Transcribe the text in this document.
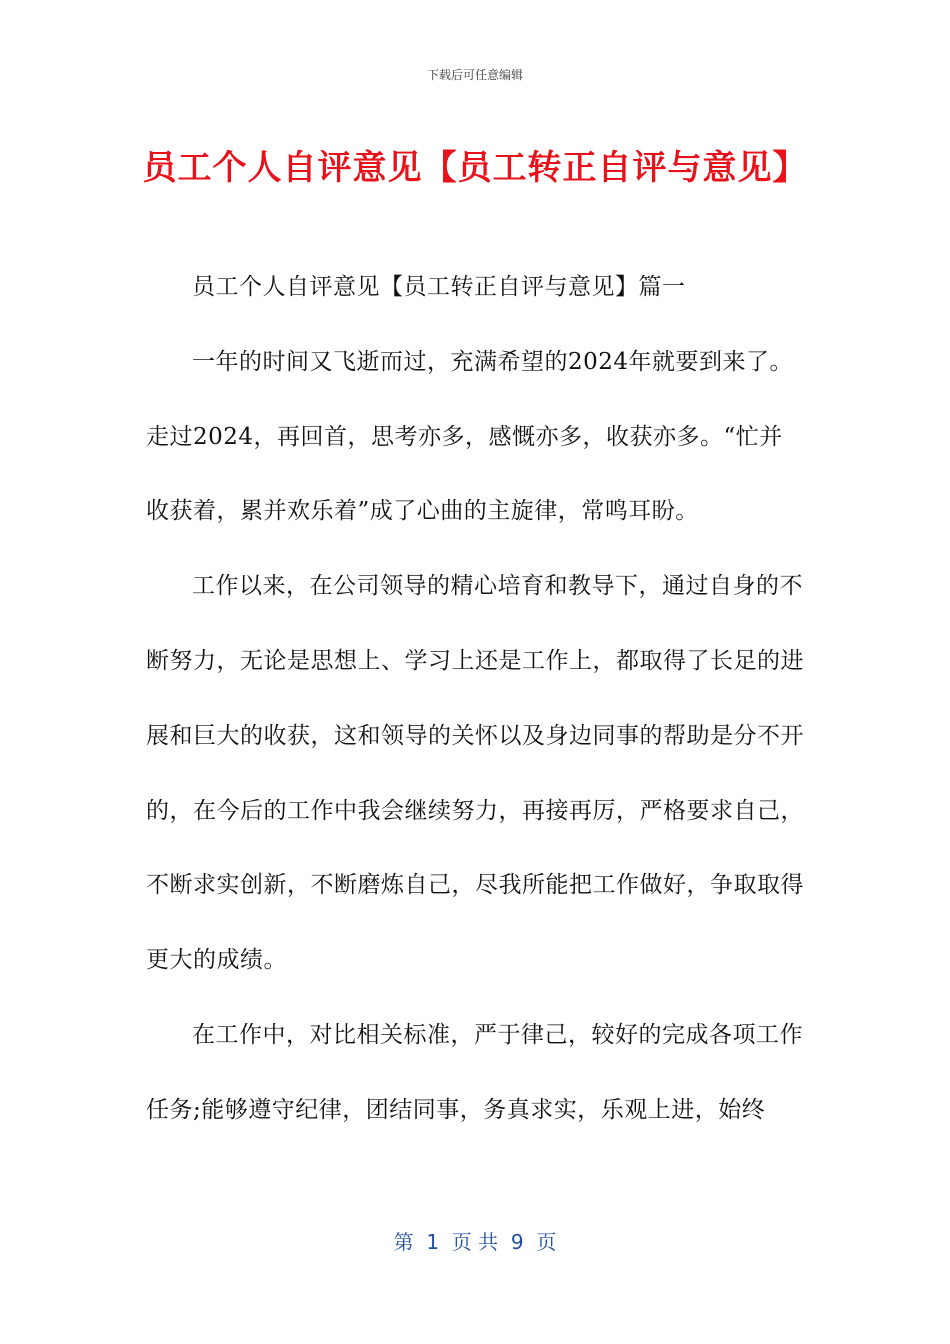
下载后可任意编辑
员工个人自评意见【员工转正自评与意见】

员工个人自评意见【员工转正自评与意见】篇一

一年的时间又飞逝而过，充满希望的2024年就要到来了。走过2024，再回首，思考亦多，感慨亦多，收获亦多。“忙并收获着，累并欢乐着”成了心曲的主旋律，常鸣耳盼。

工作以来，在公司领导的精心培育和教导下，通过自身的不断努力，无论是思想上、学习上还是工作上，都取得了长足的进展和巨大的收获，这和领导的关怀以及身边同事的帮助是分不开的，在今后的工作中我会继续努力，再接再厉，严格要求自己，不断求实创新，不断磨炼自己，尽我所能把工作做好，争取取得更大的成绩。

在工作中，对比相关标准，严于律己，较好的完成各项工作任务;能够遵守纪律，团结同事，务真求实，乐观上进，始终

第  1  页 共  9  页
